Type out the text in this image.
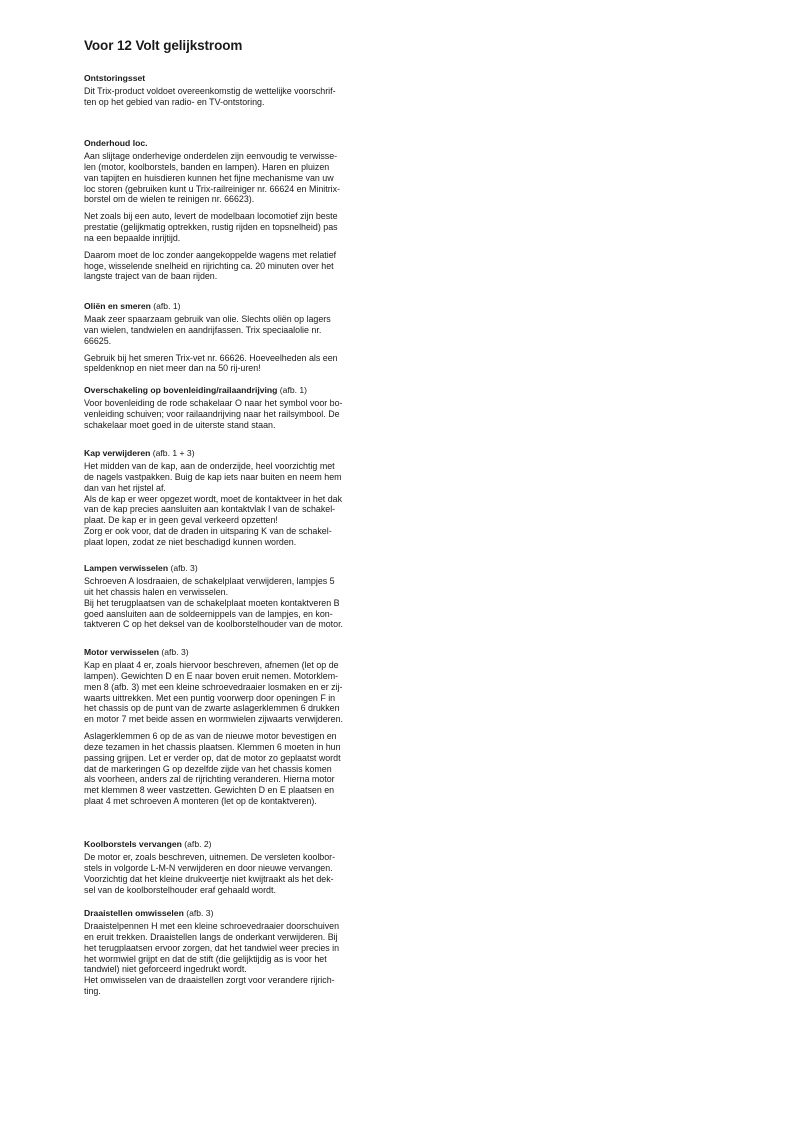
Voor 12 Volt gelijkstroom
Ontstoringsset

Dit Trix-product voldoet overeenkomstig de wettelijke voorschrif-
ten op het gebied van radio- en TV-ontstoring.

Onderhoud loc.

Aan slijtage onderhevige onderdelen zijn eenvoudig te verwisse-
len (motor, koolborstels, banden en lampen). Haren en pluizen
van tapijten en huisdieren kunnen het fijne mechanisme van uw
loc storen (gebruiken kunt u Trix-railreiniger nr. 66624 en Minitrix-
borstel om de wielen te reinigen nr. 66623).

Net zoals bij een auto, levert de modelbaan locomotief zijn beste
prestatie (gelijkmatig optrekken, rustig rijden en topsnelheid) pas
na een bepaalde inrijtijd.

Daarom moet de loc zonder aangekoppelde wagens met relatief
hoge, wisselende snelheid en rijrichting ca. 20 minuten over het
langste traject van de baan rijden.

Oliën en smeren (afb. 1)

Maak zeer spaarzaam gebruik van olie. Slechts oliën op lagers
van wielen, tandwielen en aandrijfassen. Trix speciaalolie nr.
66625.

Gebruik bij het smeren Trix-vet nr. 66626. Hoeveelheden als een
speldenknop en niet meer dan na 50 rij-uren!

Overschakeling op bovenleiding/railaandrijving (afb. 1)

Voor bovenleiding de rode schakelaar O naar het symbol voor bo-
venleiding schuiven; voor railaandrijving naar het railsymbool. De
schakelaar moet goed in de uiterste stand staan.

Kap verwijderen (afb. 1 + 3)

Het midden van de kap, aan de onderzijde, heel voorzichtig met
de nagels vastpakken. Buig de kap iets naar buiten en neem hem
dan van het rijstel af.
Als de kap er weer opgezet wordt, moet de kontaktveer in het dak
van de kap precies aansluiten aan kontaktvlak I van de schakel-
plaat. De kap er in geen geval verkeerd opzetten!
Zorg er ook voor, dat de draden in uitsparing K van de schakel-
plaat lopen, zodat ze niet beschadigd kunnen worden.

Lampen verwisselen (afb. 3)

Schroeven A losdraaien, de schakelplaat verwijderen, lampjes 5
uit het chassis halen en verwisselen.
Bij het terugplaatsen van de schakelplaat moeten kontaktveren B
goed aansluiten aan de soldeernippels van de lampjes, en kon-
taktveren C op het deksel van de koolborstelhouder van de motor.

Motor verwisselen (afb. 3)

Kap en plaat 4 er, zoals hiervoor beschreven, afnemen (let op de
lampen). Gewichten D en E naar boven eruit nemen. Motorklem-
men 8 (afb. 3) met een kleine schroevedraaier losmaken en er zij-
waarts uittrekken. Met een puntig voorwerp door openingen F in
het chassis op de punt van de zwarte aslagerklemmen 6 drukken
en motor 7 met beide assen en wormwielen zijwaarts verwijderen.

Aslagerklemmen 6 op de as van de nieuwe motor bevestigen en
deze tezamen in het chassis plaatsen. Klemmen 6 moeten in hun
passing grijpen. Let er verder op, dat de motor zo geplaatst wordt
dat de markeringen G op dezelfde zijde van het chassis komen
als voorheen, anders zal de rijrichting veranderen. Hierna motor
met klemmen 8 weer vastzetten. Gewichten D en E plaatsen en
plaat 4 met schroeven A monteren (let op de kontaktveren).

Koolborstels vervangen (afb. 2)

De motor er, zoals beschreven, uitnemen. De versleten koolbor-
stels in volgorde L-M-N verwijderen en door nieuwe vervangen.
Voorzichtig dat het kleine drukveertje niet kwijtraakt als het dek-
sel van de koolborstelhouder eraf gehaald wordt.

Draaistellen omwisselen (afb. 3)

Draaistelpennen H met een kleine schroevedraaier doorschuiven
en eruit trekken. Draaistellen langs de onderkant verwijderen. Bij
het terugplaatsen ervoor zorgen, dat het tandwiel weer precies in
het wormwiel grijpt en dat de stift (die gelijktijdig as is voor het
tandwiel) niet geforceerd ingedrukt wordt.
Het omwisselen van de draaistellen zorgt voor verandere rijrich-
ting.
